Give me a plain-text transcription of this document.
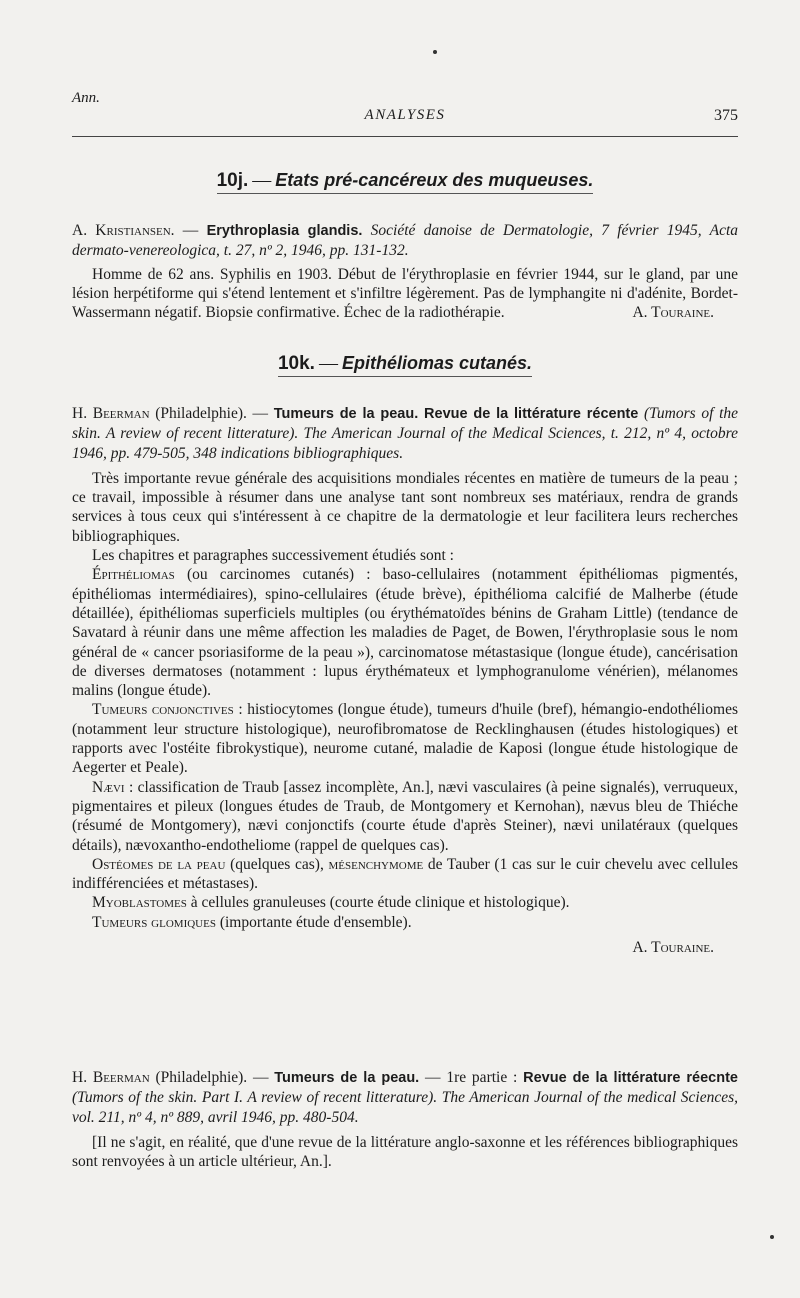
Ann.
ANALYSES	375
10j. — Etats pré-cancéreux des muqueuses.

A. Kristiansen. — Erythroplasia glandis. Société danoise de Dermatologie, 7 février 1945, Acta dermato-venereologica, t. 27, nº 2, 1946, pp. 131-132.

Homme de 62 ans. Syphilis en 1903. Début de l'érythroplasie en février 1944, sur le gland, par une lésion herpétiforme qui s'étend lentement et s'infiltre légèrement. Pas de lymphangite ni d'adénite, Bordet-Wassermann négatif. Biopsie confirmative. Échec de la radiothérapie.	A. Touraine.

10k. — Epithéliomas cutanés.

H. Beerman (Philadelphie). — Tumeurs de la peau. Revue de la littérature récente (Tumors of the skin. A review of recent litterature). The American Journal of the Medical Sciences, t. 212, nº 4, octobre 1946, pp. 479-505, 348 indications bibliographiques.

Très importante revue générale des acquisitions mondiales récentes en matière de tumeurs de la peau ; ce travail, impossible à résumer dans une analyse tant sont nombreux ses matériaux, rendra de grands services à tous ceux qui s'intéressent à ce chapitre de la dermatologie et leur facilitera leurs recherches bibliographiques.

Les chapitres et paragraphes successivement étudiés sont :

Épithéliomas (ou carcinomes cutanés) : baso-cellulaires (notamment épithéliomas pigmentés, épithéliomas intermédiaires), spino-cellulaires (étude brève), épithélioma calcifié de Malherbe (étude détaillée), épithéliomas superficiels multiples (ou érythématoïdes bénins de Graham Little) (tendance de Savatard à réunir dans une même affection les maladies de Paget, de Bowen, l'érythroplasie sous le nom général de « cancer psoriasiforme de la peau »), carcinomatose métastasique (longue étude), cancérisation de diverses dermatoses (notamment : lupus érythémateux et lymphogranulome vénérien), mélanomes malins (longue étude).

Tumeurs conjonctives : histiocytomes (longue étude), tumeurs d'huile (bref), hémangio-endothéliomes (notamment leur structure histologique), neurofibromatose de Recklinghausen (études histologiques) et rapports avec l'ostéite fibrokystique), neurome cutané, maladie de Kaposi (longue étude histologique de Aegerter et Peale).

Nævi : classification de Traub [assez incomplète, An.], nævi vasculaires (à peine signalés), verruqueux, pigmentaires et pileux (longues études de Traub, de Montgomery et Kernohan), nævus bleu de Thiéche (résumé de Montgomery), nævi conjonctifs (courte étude d'après Steiner), nævi unilatéraux (quelques détails), nævoxantho-endotheliome (rappel de quelques cas).

Ostéomes de la peau (quelques cas), mésenchymome de Tauber (1 cas sur le cuir chevelu avec cellules indifférenciées et métastases).

Myoblastomes à cellules granuleuses (courte étude clinique et histologique).

Tumeurs glomiques (importante étude d'ensemble).

A. Touraine.

H. Beerman (Philadelphie). — Tumeurs de la peau. — 1re partie : Revue de la littérature réecnte (Tumors of the skin. Part I. A review of recent litterature). The American Journal of the medical Sciences, vol. 211, nº 4, nº 889, avril 1946, pp. 480-504.

[Il ne s'agit, en réalité, que d'une revue de la littérature anglo-saxonne et les références bibliographiques sont renvoyées à un article ultérieur, An.].
